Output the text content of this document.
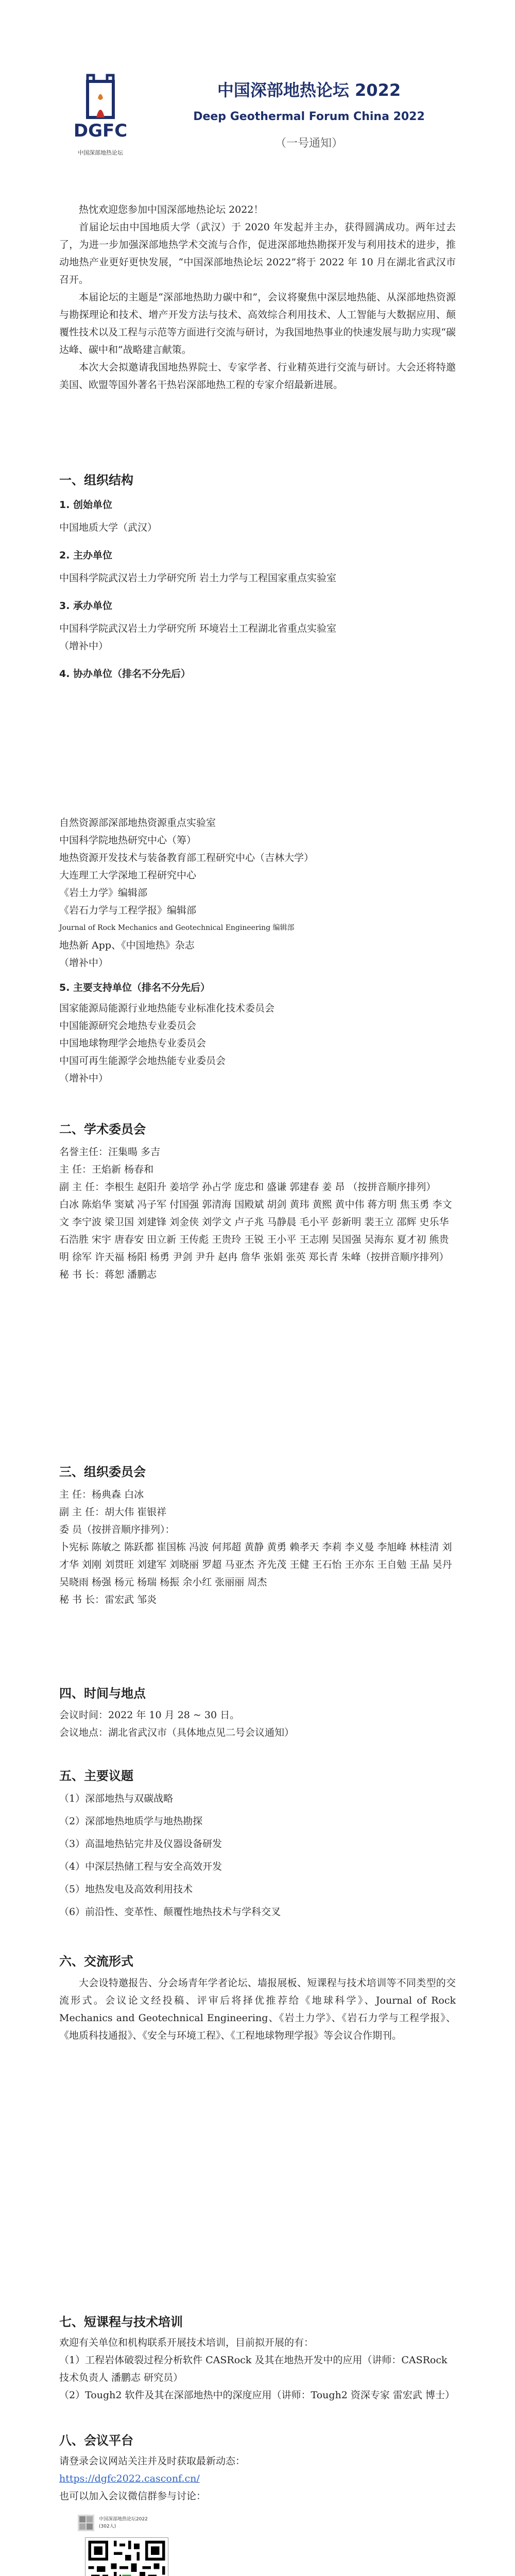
DGFC
中国深部地热论坛
中国深部地热论坛 2022
Deep Geothermal Forum China 2022
（一号通知）

热忱欢迎您参加中国深部地热论坛 2022！

首届论坛由中国地质大学（武汉）于 2020 年发起并主办，获得圆满成功。两年过去了，为进一步加强深部地热学术交流与合作，促进深部地热勘探开发与利用技术的进步，推动地热产业更好更快发展，“中国深部地热论坛 2022”将于 2022 年 10 月在湖北省武汉市召开。

本届论坛的主题是“深部地热助力碳中和”，会议将聚焦中深层地热能、从深部地热资源与勘探理论和技术、增产开发方法与技术、高效综合利用技术、人工智能与大数据应用、颠覆性技术以及工程与示范等方面进行交流与研讨，为我国地热事业的快速发展与助力实现“碳达峰、碳中和”战略建言献策。

本次大会拟邀请我国地热界院士、专家学者、行业精英进行交流与研讨。大会还将特邀美国、欧盟等国外著名干热岩深部地热工程的专家介绍最新进展。

一、组织结构

1. 创始单位

中国地质大学（武汉）

2. 主办单位

中国科学院武汉岩土力学研究所 岩土力学与工程国家重点实验室

3. 承办单位

中国科学院武汉岩土力学研究所 环境岩土工程湖北省重点实验室

（增补中）

4. 协办单位（排名不分先后）

自然资源部深部地热资源重点实验室

中国科学院地热研究中心（筹）

地热资源开发技术与装备教育部工程研究中心（吉林大学）

大连理工大学深地工程研究中心

《岩土力学》编辑部

《岩石力学与工程学报》编辑部

Journal of Rock Mechanics and Geotechnical Engineering 编辑部

地热新 App、《中国地热》杂志

（增补中）

5. 主要支持单位（排名不分先后）

国家能源局能源行业地热能专业标准化技术委员会

中国能源研究会地热专业委员会

中国地球物理学会地热专业委员会

中国可再生能源学会地热能专业委员会

（增补中）

二、学术委员会

名誉主任：汪集暘 多吉

主 任：王焰新 杨春和

副 主 任：李根生 赵阳升 姜培学 孙占学 庞忠和 盛谦 郭建春 姜 昂 （按拼音顺序排列）

白冰 陈焰华 窦斌 冯子军 付国强 郭清海 国殿斌 胡剑 黄玮 黄熙 黄中伟 蒋方明 焦玉勇 李文文 李宁波 梁卫国 刘建锋 刘金侠 刘学文 卢子兆 马静晨 毛小平 彭新明 裴王立 邵辉 史乐华 石浩胜 宋宇 唐春安 田立新 王传彪 王贵玲 王锐 王小平 王志刚 吴国强 吴海东 夏才初 熊贵明 徐军 许天福 杨阳 杨勇 尹剑 尹升 赵冉 詹华 张娟 张英 郑长青 朱峰（按拼音顺序排列）

秘 书 长：蒋恕 潘鹏志

三、组织委员会

主 任：杨典森 白冰

副 主 任：胡大伟 崔银祥

委 员（按拼音顺序排列）：

卜宪标 陈敏之 陈跃都 崔国栋 冯波 何邦超 黄静 黄勇 赖孝天 李莉 李义曼 李旭峰 林桂清 刘才华 刘刚 刘贯旺 刘建军 刘晓丽 罗超 马亚杰 齐先茂 王健 王石怡 王亦东 王自勉 王晶 吴丹 吴晓雨 杨强 杨元 杨瑞 杨振 余小红 张丽丽 周杰

秘 书 长：雷宏武 邹炎

四、时间与地点

会议时间：2022 年 10 月 28 ~ 30 日。

会议地点：湖北省武汉市（具体地点见二号会议通知）

五、主要议题

（1）深部地热与双碳战略

（2）深部地热地质学与地热勘探

（3）高温地热钻完井及仪器设备研发

（4）中深层热储工程与安全高效开发

（5）地热发电及高效利用技术

（6）前沿性、变革性、颠覆性地热技术与学科交叉

六、交流形式

大会设特邀报告、分会场青年学者论坛、墙报展板、短课程与技术培训等不同类型的交流形式。会议论文经投稿、评审后将择优推荐给《地球科学》、Journal of Rock Mechanics and Geotechnical Engineering、《岩土力学》、《岩石力学与工程学报》、《地质科技通报》、《安全与环境工程》、《工程地球物理学报》等会议合作期刊。

七、短课程与技术培训

欢迎有关单位和机构联系开展技术培训，目前拟开展的有：

（1）工程岩体破裂过程分析软件 CASRock 及其在地热开发中的应用（讲师：CASRock 技术负责人 潘鹏志 研究员）

（2）Tough2 软件及其在深部地热中的深度应用（讲师：Tough2 资深专家 雷宏武 博士）

八、会议平台

请登录会议网站关注并及时获取最新动态：

https://dgfc2022.casconf.cn/

也可以加入会议微信群参与讨论：

中国深部地热论坛2022
(302人)
